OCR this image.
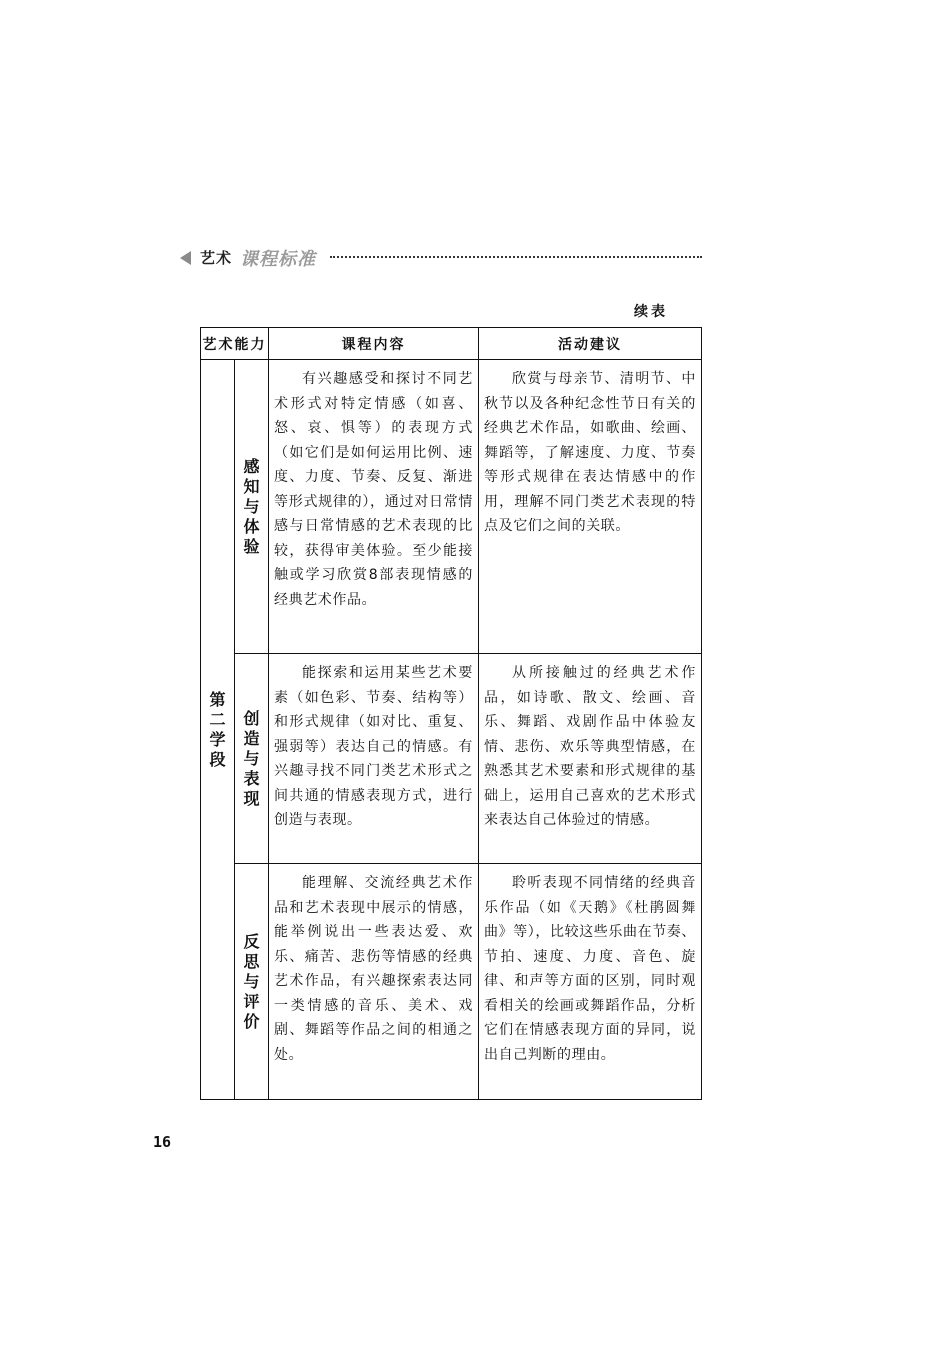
艺术 课程标准
续表
艺术能力		课程内容	活动建议
第二学段	感知与体验	有兴趣感受和探讨不同艺术形式对特定情感（如喜、怒、哀、惧等）的表现方式（如它们是如何运用比例、速度、力度、节奏、反复、渐进等形式规律的），通过对日常情感与日常情感的艺术表现的比较，获得审美体验。至少能接触或学习欣赏8部表现情感的经典艺术作品。	欣赏与母亲节、清明节、中秋节以及各种纪念性节日有关的经典艺术作品，如歌曲、绘画、舞蹈等，了解速度、力度、节奏等形式规律在表达情感中的作用，理解不同门类艺术表现的特点及它们之间的关联。

	创造与表现	能探索和运用某些艺术要素（如色彩、节奏、结构等）和形式规律（如对比、重复、强弱等）表达自己的情感。有兴趣寻找不同门类艺术形式之间共通的情感表现方式，进行创造与表现。	从所接触过的经典艺术作品，如诗歌、散文、绘画、音乐、舞蹈、戏剧作品中体验友情、悲伤、欢乐等典型情感，在熟悉其艺术要素和形式规律的基础上，运用自己喜欢的艺术形式来表达自己体验过的情感。

	反思与评价	能理解、交流经典艺术作品和艺术表现中展示的情感，能举例说出一些表达爱、欢乐、痛苦、悲伤等情感的经典艺术作品，有兴趣探索表达同一类情感的音乐、美术、戏剧、舞蹈等作品之间的相通之处。	聆听表现不同情绪的经典音乐作品（如《天鹅》《杜鹃圆舞曲》等），比较这些乐曲在节奏、节拍、速度、力度、音色、旋律、和声等方面的区别，同时观看相关的绘画或舞蹈作品，分析它们在情感表现方面的异同，说出自己判断的理由。

16
